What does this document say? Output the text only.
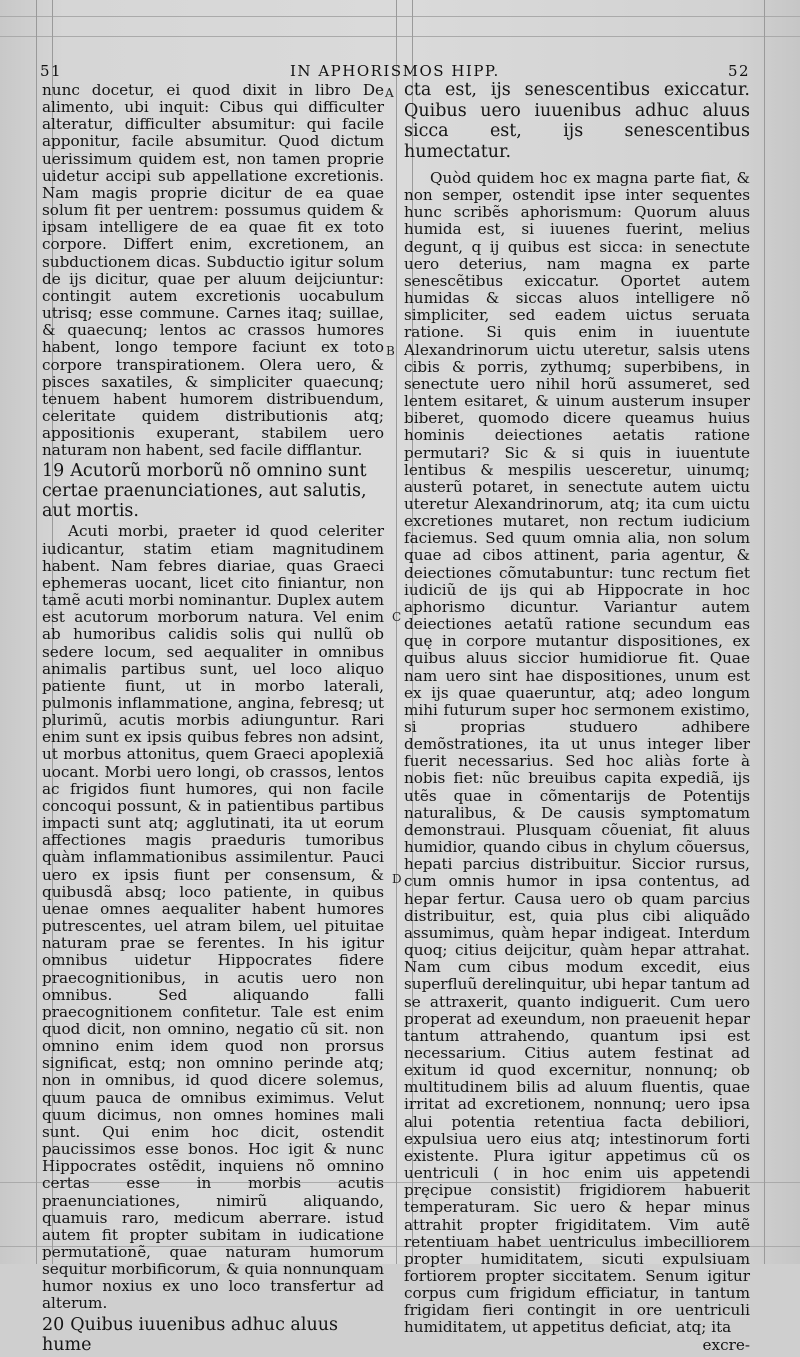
51	IN APHORISMOS HIPP.	52
A
B
C
D

nunc docetur, ei quod dixit in libro De alimento, ubi inquit: Cibus qui difficulter alteratur, difficulter absumitur: qui facile apponitur, facile absumitur. Quod dictum uerissimum quidem est, non tamen proprie uidetur accipi sub appellatione excretionis. Nam magis proprie dicitur de ea quae solum fit per uentrem: possumus quidem & ipsam intelligere de ea quae fit ex toto corpore. Differt enim, excretionem, an subductionem dicas. Subductio igitur solum de ijs dicitur, quae per aluum deijciuntur: contingit autem excretionis uocabulum utrisq; esse commune. Carnes itaq; suillae, & quaecunq; lentos ac crassos humores habent, longo tempore faciunt ex toto corpore transpirationem. Olera uero, & pisces saxatiles, & simpliciter quaecunq; tenuem habent humorem distribuendum, celeritate quidem distributionis atq; appositionis exuperant, stabilem uero naturam non habent, sed facile difflantur.

19 Acutorũ morborũ nõ omnino sunt certae praenunciationes, aut salutis, aut mortis.

Acuti morbi, praeter id quod celeriter iudicantur, statim etiam magnitudinem habent. Nam febres diariae, quas Graeci ephemeras uocant, licet cito finiantur, non tamẽ acuti morbi nominantur. Duplex autem est acutorum morborum natura. Vel enim ab humoribus calidis solis qui nullũ ob sedere locum, sed aequaliter in omnibus animalis partibus sunt, uel loco aliquo patiente fiunt, ut in morbo laterali, pulmonis inflammatione, angina, febresq; ut plurimũ, acutis morbis adiunguntur. Rari enim sunt ex ipsis quibus febres non adsint, ut morbus attonitus, quem Graeci apoplexiã uocant. Morbi uero longi, ob crassos, lentos ac frigidos fiunt humores, qui non facile concoqui possunt, & in patientibus partibus impacti sunt atq; agglutinati, ita ut eorum affectiones magis praeduris tumoribus quàm inflammationibus assimilentur. Pauci uero ex ipsis fiunt per consensum, & quibusdã absq; loco patiente, in quibus uenae omnes aequaliter habent humores putrescentes, uel atram bilem, uel pituitae naturam prae se ferentes. In his igitur omnibus uidetur Hippocrates fidere praecognitionibus, in acutis uero non omnibus. Sed aliquando falli praecognitionem confitetur. Tale est enim quod dicit, non omnino, negatio cũ sit. non omnino enim idem quod non prorsus significat, estq; non omnino perinde atq; non in omnibus, id quod dicere solemus, quum pauca de omnibus eximimus. Velut quum dicimus, non omnes homines mali sunt. Qui enim hoc dicit, ostendit paucissimos esse bonos. Hoc igit & nunc Hippocrates ostẽdit, inquiens nõ omnino certas esse in morbis acutis praenunciationes, nimirũ aliquando, quamuis raro, medicum aberrare. istud autem fit propter subitam in iudicatione permutationẽ, quae naturam humorum sequitur morbificorum, & quia nonnunquam humor noxius ex uno loco transfertur ad alterum.

20 Quibus iuuenibus adhuc aluus hume

cta est, ijs senescentibus exiccatur. Quibus uero iuuenibus adhuc aluus sicca est, ijs senescentibus humectatur.

Quòd quidem hoc ex magna parte fiat, & non semper, ostendit ipse inter sequentes hunc scribẽs aphorismum: Quorum aluus humida est, si iuuenes fuerint, melius degunt, q ij quibus est sicca: in senectute uero deterius, nam magna ex parte senescẽtibus exiccatur. Oportet autem humidas & siccas aluos intelligere nõ simpliciter, sed eadem uictus seruata ratione. Si quis enim in iuuentute Alexandrinorum uictu uteretur, salsis utens cibis & porris, zythumq; superbibens, in senectute uero nihil horũ assumeret, sed lentem esitaret, & uinum austerum insuper biberet, quomodo dicere queamus huius hominis deiectiones aetatis ratione permutari? Sic & si quis in iuuentute lentibus & mespilis uesceretur, uinumq; austerũ potaret, in senectute autem uictu uteretur Alexandrinorum, atq; ita cum uictu excretiones mutaret, non rectum iudicium faciemus. Sed quum omnia alia, non solum quae ad cibos attinent, paria agentur, & deiectiones cõmutabuntur: tunc rectum fiet iudiciũ de ijs qui ab Hippocrate in hoc aphorismo dicuntur. Variantur autem deiectiones aetatũ ratione secundum eas quę in corpore mutantur dispositiones, ex quibus aluus siccior humidiorue fit. Quae nam uero sint hae dispositiones, unum est ex ijs quae quaeruntur, atq; adeo longum mihi futurum super hoc sermonem existimo, si proprias studuero adhibere demõstrationes, ita ut unus integer liber fuerit necessarius. Sed hoc aliàs forte à nobis fiet: nũc breuibus capita expediã, ijs utẽs quae in cõmentarijs de Potentijs naturalibus, & De causis symptomatum demonstraui. Plusquam cõueniat, fit aluus humidior, quando cibus in chylum cõuersus, hepati parcius distribuitur. Siccior rursus, cum omnis humor in ipsa contentus, ad hepar fertur. Causa uero ob quam parcius distribuitur, est, quia plus cibi aliquãdo assumimus, quàm hepar indigeat. Interdum quoq; citius deijcitur, quàm hepar attrahat. Nam cum cibus modum excedit, eius superfluũ derelinquitur, ubi hepar tantum ad se attraxerit, quanto indiguerit. Cum uero properat ad exeundum, non praeuenit hepar tantum attrahendo, quantum ipsi est necessarium. Citius autem festinat ad exitum id quod excernitur, nonnunq; ob multitudinem bilis ad aluum fluentis, quae irritat ad excretionem, nonnunq; uero ipsa alui potentia retentiua facta debiliori, expulsiua uero eius atq; intestinorum forti existente. Plura igitur appetimus cũ os uentriculi ( in hoc enim uis appetendi pręcipue consistit) frigidiorem habuerit temperaturam. Sic uero & hepar minus attrahit propter frigiditatem. Vim autẽ retentiuam habet uentriculus imbecilliorem propter humiditatem, sicuti expulsiuam fortiorem propter siccitatem. Senum igitur corpus cum frigidum efficiatur, in tantum frigidam fieri contingit in ore uentriculi humiditatem, ut appetitus deficiat, atq; ita

excre-
